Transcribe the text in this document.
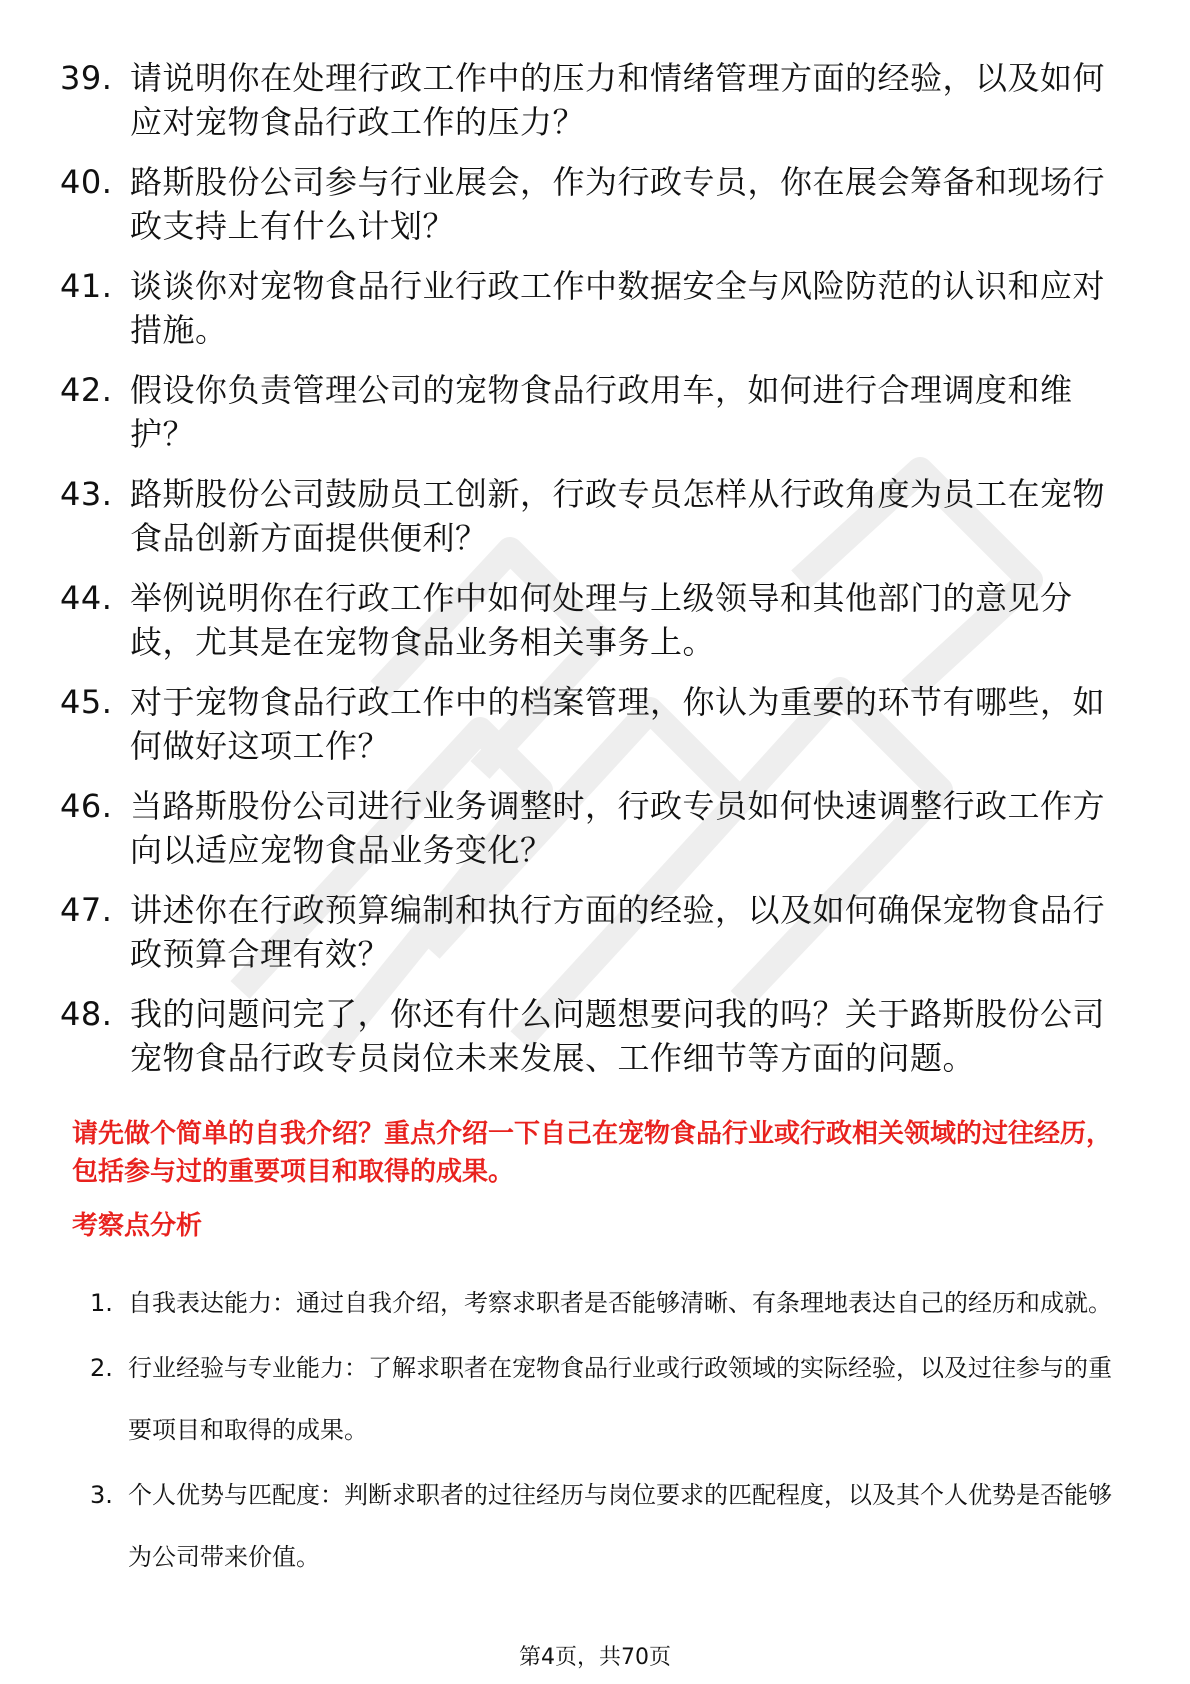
39. 请说明你在处理行政工作中的压力和情绪管理方面的经验，以及如何应对宠物食品行政工作的压力？
40. 路斯股份公司参与行业展会，作为行政专员，你在展会筹备和现场行政支持上有什么计划？
41. 谈谈你对宠物食品行业行政工作中数据安全与风险防范的认识和应对措施。
42. 假设你负责管理公司的宠物食品行政用车，如何进行合理调度和维护？
43. 路斯股份公司鼓励员工创新，行政专员怎样从行政角度为员工在宠物食品创新方面提供便利？
44. 举例说明你在行政工作中如何处理与上级领导和其他部门的意见分歧，尤其是在宠物食品业务相关事务上。
45. 对于宠物食品行政工作中的档案管理，你认为重要的环节有哪些，如何做好这项工作？
46. 当路斯股份公司进行业务调整时，行政专员如何快速调整行政工作方向以适应宠物食品业务变化？
47. 讲述你在行政预算编制和执行方面的经验，以及如何确保宠物食品行政预算合理有效？
48. 我的问题问完了，你还有什么问题想要问我的吗？关于路斯股份公司宠物食品行政专员岗位未来发展、工作细节等方面的问题。

请先做个简单的自我介绍？重点介绍一下自己在宠物食品行业或行政相关领域的过往经历，包括参与过的重要项目和取得的成果。

考察点分析
1. 自我表达能力：通过自我介绍，考察求职者是否能够清晰、有条理地表达自己的经历和成就。
2. 行业经验与专业能力：了解求职者在宠物食品行业或行政领域的实际经验，以及过往参与的重要项目和取得的成果。
3. 个人优势与匹配度：判断求职者的过往经历与岗位要求的匹配程度，以及其个人优势是否能够为公司带来价值。
第4页，共70页
